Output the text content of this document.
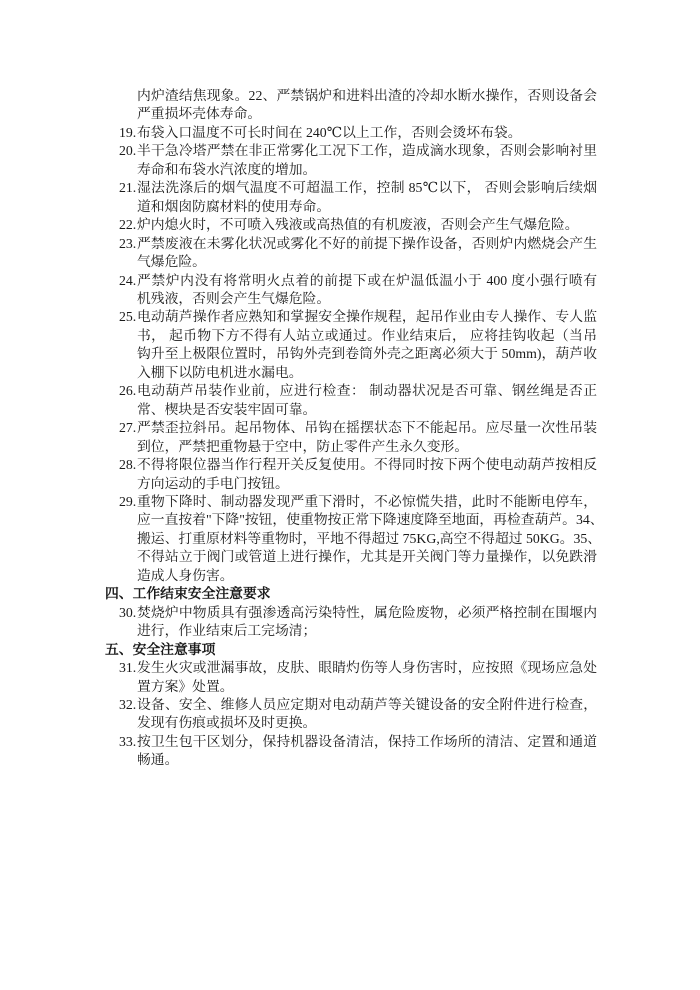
内炉渣结焦现象。22、严禁锅炉和进料出渣的冷却水断水操作，否则设备会
严重损坏壳体寿命。
19. 布袋入口温度不可长时间在 240℃以上工作，否则会烫坏布袋。
20. 半干急冷塔严禁在非正常雾化工况下工作，造成滴水现象，否则会影响衬里
寿命和布袋水汽浓度的增加。
21. 湿法洗涤后的烟气温度不可超温工作，控制 85℃以下， 否则会影响后续烟
道和烟囱防腐材料的使用寿命。
22. 炉内熄火时，不可喷入残液或高热值的有机废液，否则会产生气爆危险。
23. 严禁废液在未雾化状况或雾化不好的前提下操作设备，否则炉内燃烧会产生
气爆危险。
24. 严禁炉内没有将常明火点着的前提下或在炉温低温小于 400 度小强行喷有
机残液，否则会产生气爆危险。
25. 电动葫芦操作者应熟知和掌握安全操作规程，起吊作业由专人操作、专人监
书， 起币物下方不得有人站立或通过。作业结束后， 应将挂钩收起（当吊
钩升至上极限位置时，吊钩外壳到卷筒外壳之距离必须大于 50mm)，葫芦收
入棚下以防电机进水漏电。
26. 电动葫芦吊装作业前，应进行检查： 制动器状况是否可靠、钢丝绳是否正
常、楔块是否安装牢固可靠。
27. 严禁歪拉斜吊。起吊物体、吊钩在摇摆状态下不能起吊。应尽量一次性吊装
到位，严禁把重物悬于空中，防止零件产生永久变形。
28. 不得将限位器当作行程开关反复使用。不得同时按下两个使电动葫芦按相反
方向运动的手电门按钮。
29. 重物下降时、制动器发现严重下滑时，不必惊慌失措，此时不能断电停车，
应一直按着"下降"按钮，使重物按正常下降速度降至地面，再检查葫芦。34、
搬运、打重原材料等重物时，平地不得超过 75KG,高空不得超过 50KG。35、
不得站立于阀门或管道上进行操作，尤其是开关阀门等力量操作，以免跌滑
造成人身伤害。
四、工作结束安全注意要求
30. 焚烧炉中物质具有强渗透高污染特性，属危险废物，必须严格控制在围堰内
进行，作业结束后工完场清；
五、安全注意事项
31. 发生火灾或泄漏事故，皮肤、眼睛灼伤等人身伤害时，应按照《现场应急处
置方案》处置。
32. 设备、安全、维修人员应定期对电动葫芦等关键设备的安全附件进行检查，
发现有伤痕或损坏及时更换。
33. 按卫生包干区划分，保持机器设备清洁，保持工作场所的清洁、定置和通道
畅通。
